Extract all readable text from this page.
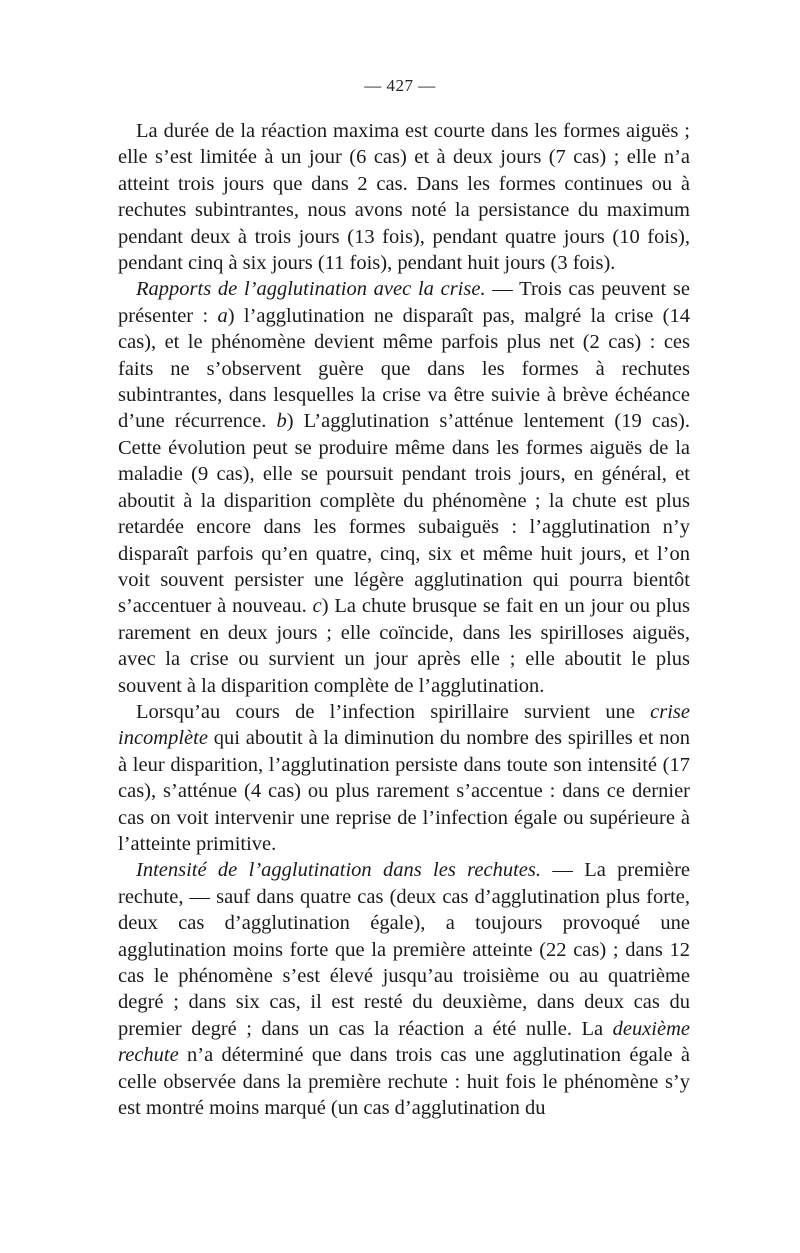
— 427 —

La durée de la réaction maxima est courte dans les formes aiguës ; elle s’est limitée à un jour (6 cas) et à deux jours (7 cas) ; elle n’a atteint trois jours que dans 2 cas. Dans les formes continues ou à rechutes subintrantes, nous avons noté la persistance du maximum pendant deux à trois jours (13 fois), pendant quatre jours (10 fois), pendant cinq à six jours (11 fois), pendant huit jours (3 fois).

Rapports de l’agglutination avec la crise. — Trois cas peuvent se présenter : a) l’agglutination ne disparaît pas, malgré la crise (14 cas), et le phénomène devient même parfois plus net (2 cas) : ces faits ne s’observent guère que dans les formes à rechutes subintrantes, dans lesquelles la crise va être suivie à brève échéance d’une récurrence. b) L’agglutination s’atténue lentement (19 cas). Cette évolution peut se produire même dans les formes aiguës de la maladie (9 cas), elle se poursuit pendant trois jours, en général, et aboutit à la disparition complète du phénomène ; la chute est plus retardée encore dans les formes subaiguës : l’agglutination n’y disparaît parfois qu’en quatre, cinq, six et même huit jours, et l’on voit souvent persister une légère agglutination qui pourra bientôt s’accentuer à nouveau. c) La chute brusque se fait en un jour ou plus rarement en deux jours ; elle coïncide, dans les spirilloses aiguës, avec la crise ou survient un jour après elle ; elle aboutit le plus souvent à la disparition complète de l’agglutination.

Lorsqu’au cours de l’infection spirillaire survient une crise incomplète qui aboutit à la diminution du nombre des spirilles et non à leur disparition, l’agglutination persiste dans toute son intensité (17 cas), s’atténue (4 cas) ou plus rarement s’accentue : dans ce dernier cas on voit intervenir une reprise de l’infection égale ou supérieure à l’atteinte primitive.

Intensité de l’agglutination dans les rechutes. — La première rechute, — sauf dans quatre cas (deux cas d’agglutination plus forte, deux cas d’agglutination égale), a toujours provoqué une agglutination moins forte que la première atteinte (22 cas) ; dans 12 cas le phénomène s’est élevé jusqu’au troisième ou au quatrième degré ; dans six cas, il est resté du deuxième, dans deux cas du premier degré ; dans un cas la réaction a été nulle. La deuxième rechute n’a déterminé que dans trois cas une agglutination égale à celle observée dans la première rechute : huit fois le phénomène s’y est montré moins marqué (un cas d’agglutination du
